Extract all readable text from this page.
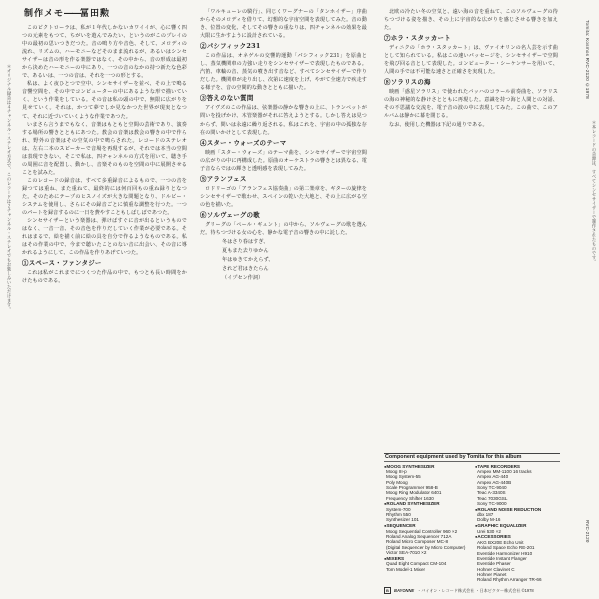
制作メモ――冨田勲

このビクトローラは、私が１年代しかないカワイイが、心に響く四つの元素をもつて、ちがいを遊んでみたい、というのがこのプレイの中の最初の思いつきだつた。音の鳴り方や音色、そして、メロディの流れ、リズムの、ハーモニーなどそのまま流れるが、あるいはシンセサイザーは音の形を作る楽器ではなく、その中から、音の形成は最初から決めたハーモニーの中にあり、一つの音のなかの持つ新たな色彩で、あるいは、一つの音は、それを一つの形とする。

私は、よく夜ひとつで空中、シンセサイザーを並べ、その上で鳴る音響空間を、その中でコンピューターの中にあるような形で描いていく、という作業をしている。その音は私の頭の中で、無限に広がりを見せていく。それは、かつて夢でしか見なかつた世界が現実となつて、それに近づいていくような作業であつた。

いまさら言うまでもなく、音楽はもともと空間の芸術であり、演奏する場所の響きとともにあつた。教会の音楽は教会の響きの中で作られ、野外の音楽はその空気の中で鳴らされた。レコードのステレオは、左右二本のスピーカーで音場を再現するが、それでは本当の空間は表現できない。そこで私は、四チャンネルの方式を用いて、聴き手の周囲に音を配置し、動かし、音楽そのものを空間の中に展開させることを試みた。

このレコードの録音は、すべて多重録音によるもので、一つの音を録つては重ね、また重ねて、最終的には何百回もの重ね録りとなつた。そのためにテープのヒスノイズが大きな問題となり、ドルビー・システムを使用し、さらにその録音ごとに慎重な調整を行つた。一つのパートを録音するのに一日を費やすこともしばしばであつた。

シンセサイザーという楽器は、弾けばすぐに音が出るというものではなく、一音一音、その音色を作りだしていく作業が必要である。それはまるで、絵を描く前に絵の具を自分で作るようなものである。私はその作業の中で、今まで聴いたことのない音に出会い、その音に導かれるようにして、この作品を作りあげていつた。

①スペース・ファンタジー

これは私がこれまでにつくつた作品の中で、もつとも長い時間をかけたものである。

「ワルキューレの騎行」、同じくワーグナーの「タンホイザー」序曲からそのメロディを借りて、幻想的な宇宙空間を表現してみた。音の動き、位置の変化、そしてその響きの重なりは、四チャンネルの効果を最大限に生かすように設計されている。

②パシフィック231

この作品は、オネゲルの交響的運動「パシフィック231」を原曲とし、蒸気機関車の力強い走りをシンセサイザーで表現したものである。汽笛、車輪の音、蒸気の噴き出す音など、すべてシンセサイザーで作りだした。機関車が走り出し、次第に速度を上げ、やがて全速力で疾走する様子を、音の空間的な動きとともに描いた。

③答えのない質問

アイヴズのこの作品は、弦楽器の静かな響きの上に、トランペットが問いを投げかけ、木管楽器がそれに答えようとする。しかし答えは見つからず、問いは永遠に繰り返される。私はこれを、宇宙の中の孤独な存在の問いかけとして表現した。

④スター・ウォーズのテーマ

映画「スター・ウォーズ」のテーマ曲を、シンセサイザーで宇宙空間の広がりの中に再構成した。原曲のオーケストラの響きとは異なる、電子音ならではの輝きと透明感を表現してみた。

⑤アランフェス

ロドリーゴの「アランフェス協奏曲」の第二楽章を、ギターの旋律をシンセサイザーで歌わせ、スペインの乾いた大地と、その上に広がる空の色を描いた。

⑥ソルヴェーグの歌

グリーグの「ペール・ギュント」の中から、ソルヴェーグの歌を選んだ。待ちつづける女の心を、静かな電子音の響きの中に託した。

冬はさり春はすぎ、

夏もまた去りゆかん

年はゆきてかえらず、

されど君はきたらん

（イプセン作詞）

北欧の冷たい冬の空気と、遠い海の音を重ねて、このソルヴェーグの待ちつづける姿を描き、その上に宇宙的な広がりを感じさせる響きを加えた。

⑦ホラ・スタッカート

ディニクの「ホラ・スタッカート」は、ヴァイオリンの名人芸を示す曲として知られている。私はこの速いパッセージを、シンセサイザーで空間を飛び回る音として表現した。コンピューター・シーケンサーを用いて、人間の手では不可能な速さと正確さを実現した。

⑧ソラリスの海

映画「惑星ソラリス」で使われたバッハのコラール前奏曲を、ソラリスの海の神秘的な静けさとともに再現した。意識を持つ海と人間との対話、その不思議な交流を、電子音の波の中に表現してみた。この曲で、このアルバムは静かに幕を閉じる。

なお、使用した機器は下記の通りである。

Component equipment used by Tomita for this album
● MOOG SYNTHESIZER
Moog III-p
Moog System-55
Poly Moog
Scale Programmer 958-B
Moog Ring Modulator 6401
Frequency Shifter 1630
● ROLAND SYNTHESIZER
System-700
Rhythm 550
Synthesizer 101
● SEQUENCER
Moog Sequential Controller 960 ×2
Roland Analog Sequencer 712A
Roland Micro Composer MC-8
(Digital Sequencer by Micro Computer)
Victor SEA-7010 ×2
● MIXERS
Quad Eight Compact CM-104
Tom Model-1 Mixer
● TAPE RECORDERS
Ampex MM-1100 16 tracks
Ampex AG-440
Ampex AG-440B
Sony TC-9040
Teac A-3340S
Teac 7030GSL
Sony TC-9000
● ROLAND NOISE REDUCTION
dbx 187
Dolby M-16
● GRAPHIC EQUALIZER
Urei 530 ×2
● ACCESSORIES
AKG BX20E Echo Unit
Roland Space Echo RE-201
Eventide Harmonizer H910
Eventide Instant Flanger
Eventide Phaser
Hohner Clavinet C
Hohner Pianet
Roland Rhythm Arranger TR-66
Tomita: Kosmos RVC-2120 ©1978
RVC-2120
＊オリジナル録音は４チャンネル・ステレオ方式で、このレコードは２チャンネル・ステレオでもお楽しみいただけます。	＊本レコードの音源は、すべてシンセサイザーで制作されたものです。
B	BAYONNE ・バイオン・レコード株式会社 ・日本ビクター株式会社 ©1978
